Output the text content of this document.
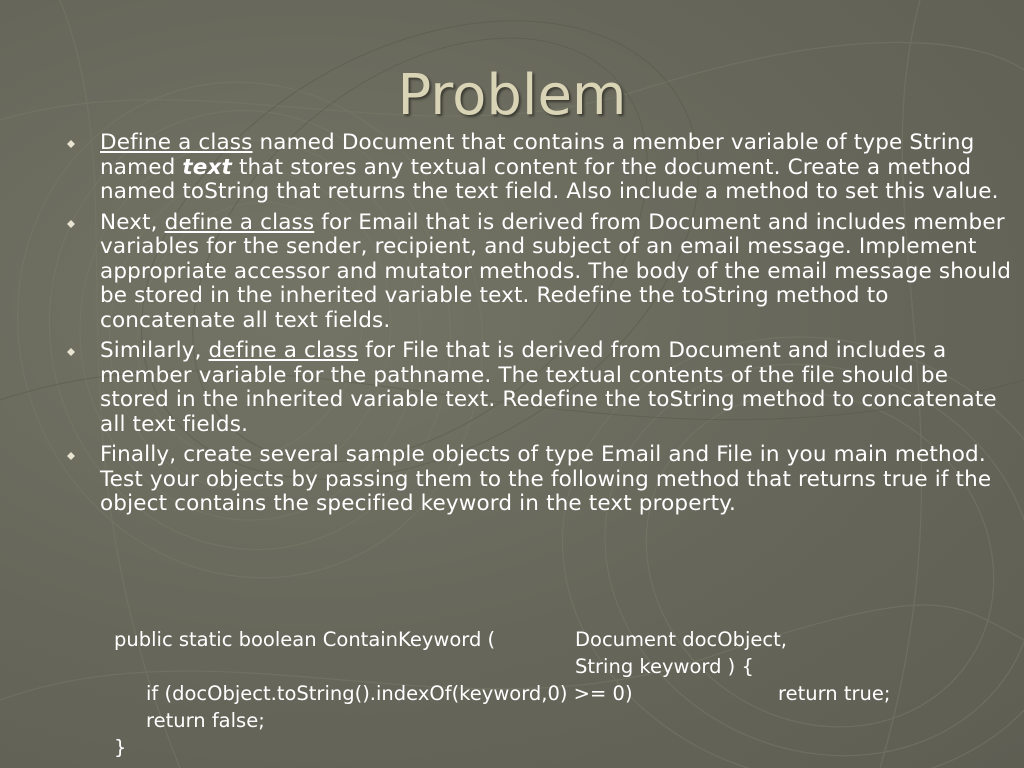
Problem
Define a class named Document that contains a member variable of type String named text that stores any textual content for the document. Create a method named toString that returns the text field. Also include a method to set this value.
Next, define a class for Email that is derived from Document and includes member variables for the sender, recipient, and subject of an email message. Implement appropriate accessor and mutator methods. The body of the email message should be stored in the inherited variable text. Redefine the toString method to concatenate all text fields.
Similarly, define a class for File that is derived from Document and includes a member variable for the pathname. The textual contents of the file should be stored in the inherited variable text. Redefine the toString method to concatenate all text fields.
Finally, create several sample objects of type Email and File in you main method. Test your objects by passing them to the following method that returns true if the object contains the specified keyword in the text property.
public static boolean ContainKeyword (	Document docObject,
String keyword ) {
if (docObject.toString().indexOf(keyword,0) >= 0)	return true;
return false;
}
